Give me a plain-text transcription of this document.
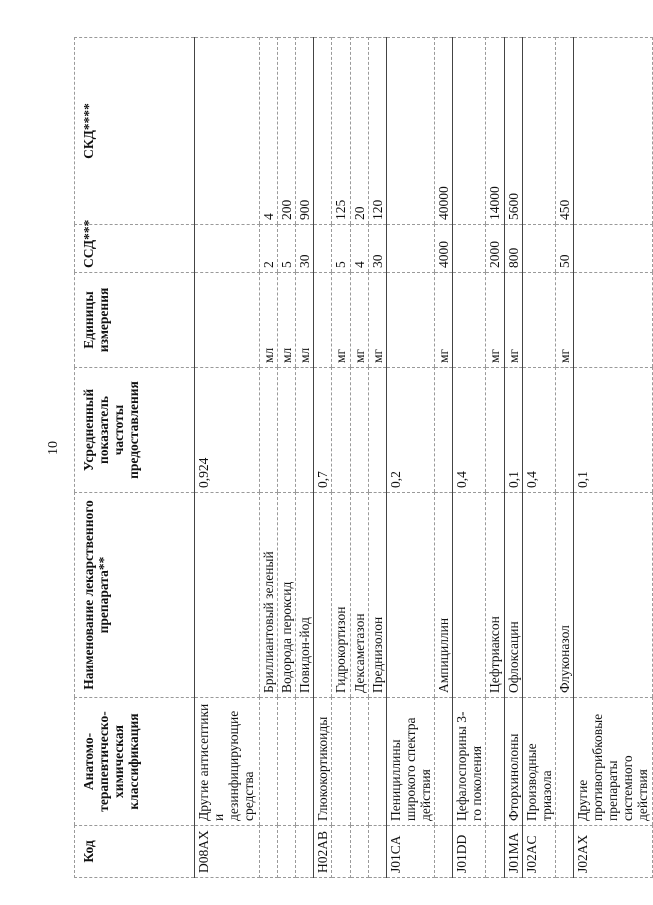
10
Код	Анатомо-терапевтическо-химическая классификация	Наименование лекарственного препарата**	Усредненный показатель частоты предоставления	Единицы измерения	ССД***	СКД****
D08AX	Другие антисептики и дезинфицирующие средства		0,924			
		Бриллиантовый зеленый		мл	2	4
		Водорода пероксид		мл	5	200
		Повидон-йод		мл	30	900
H02AB	Глюкокортикоиды		0,7			
		Гидрокортизон		мг	5	125
		Дексаметазон		мг	4	20
		Преднизолон		мг	30	120
J01CA	Пенициллины широкого спектра действия		0,2			
		Ампициллин		мг	4000	40000
J01DD	Цефалоспорины 3-го поколения		0,4			
		Цефтриаксон		мг	2000	14000
J01MA	Фторхинолоны	Офлоксацин	0,1	мг	800	5600
J02AC	Производные триазола		0,4			
		Флуконазол		мг	50	450
J02AX	Другие противогрибковые препараты системного действия		0,1			
